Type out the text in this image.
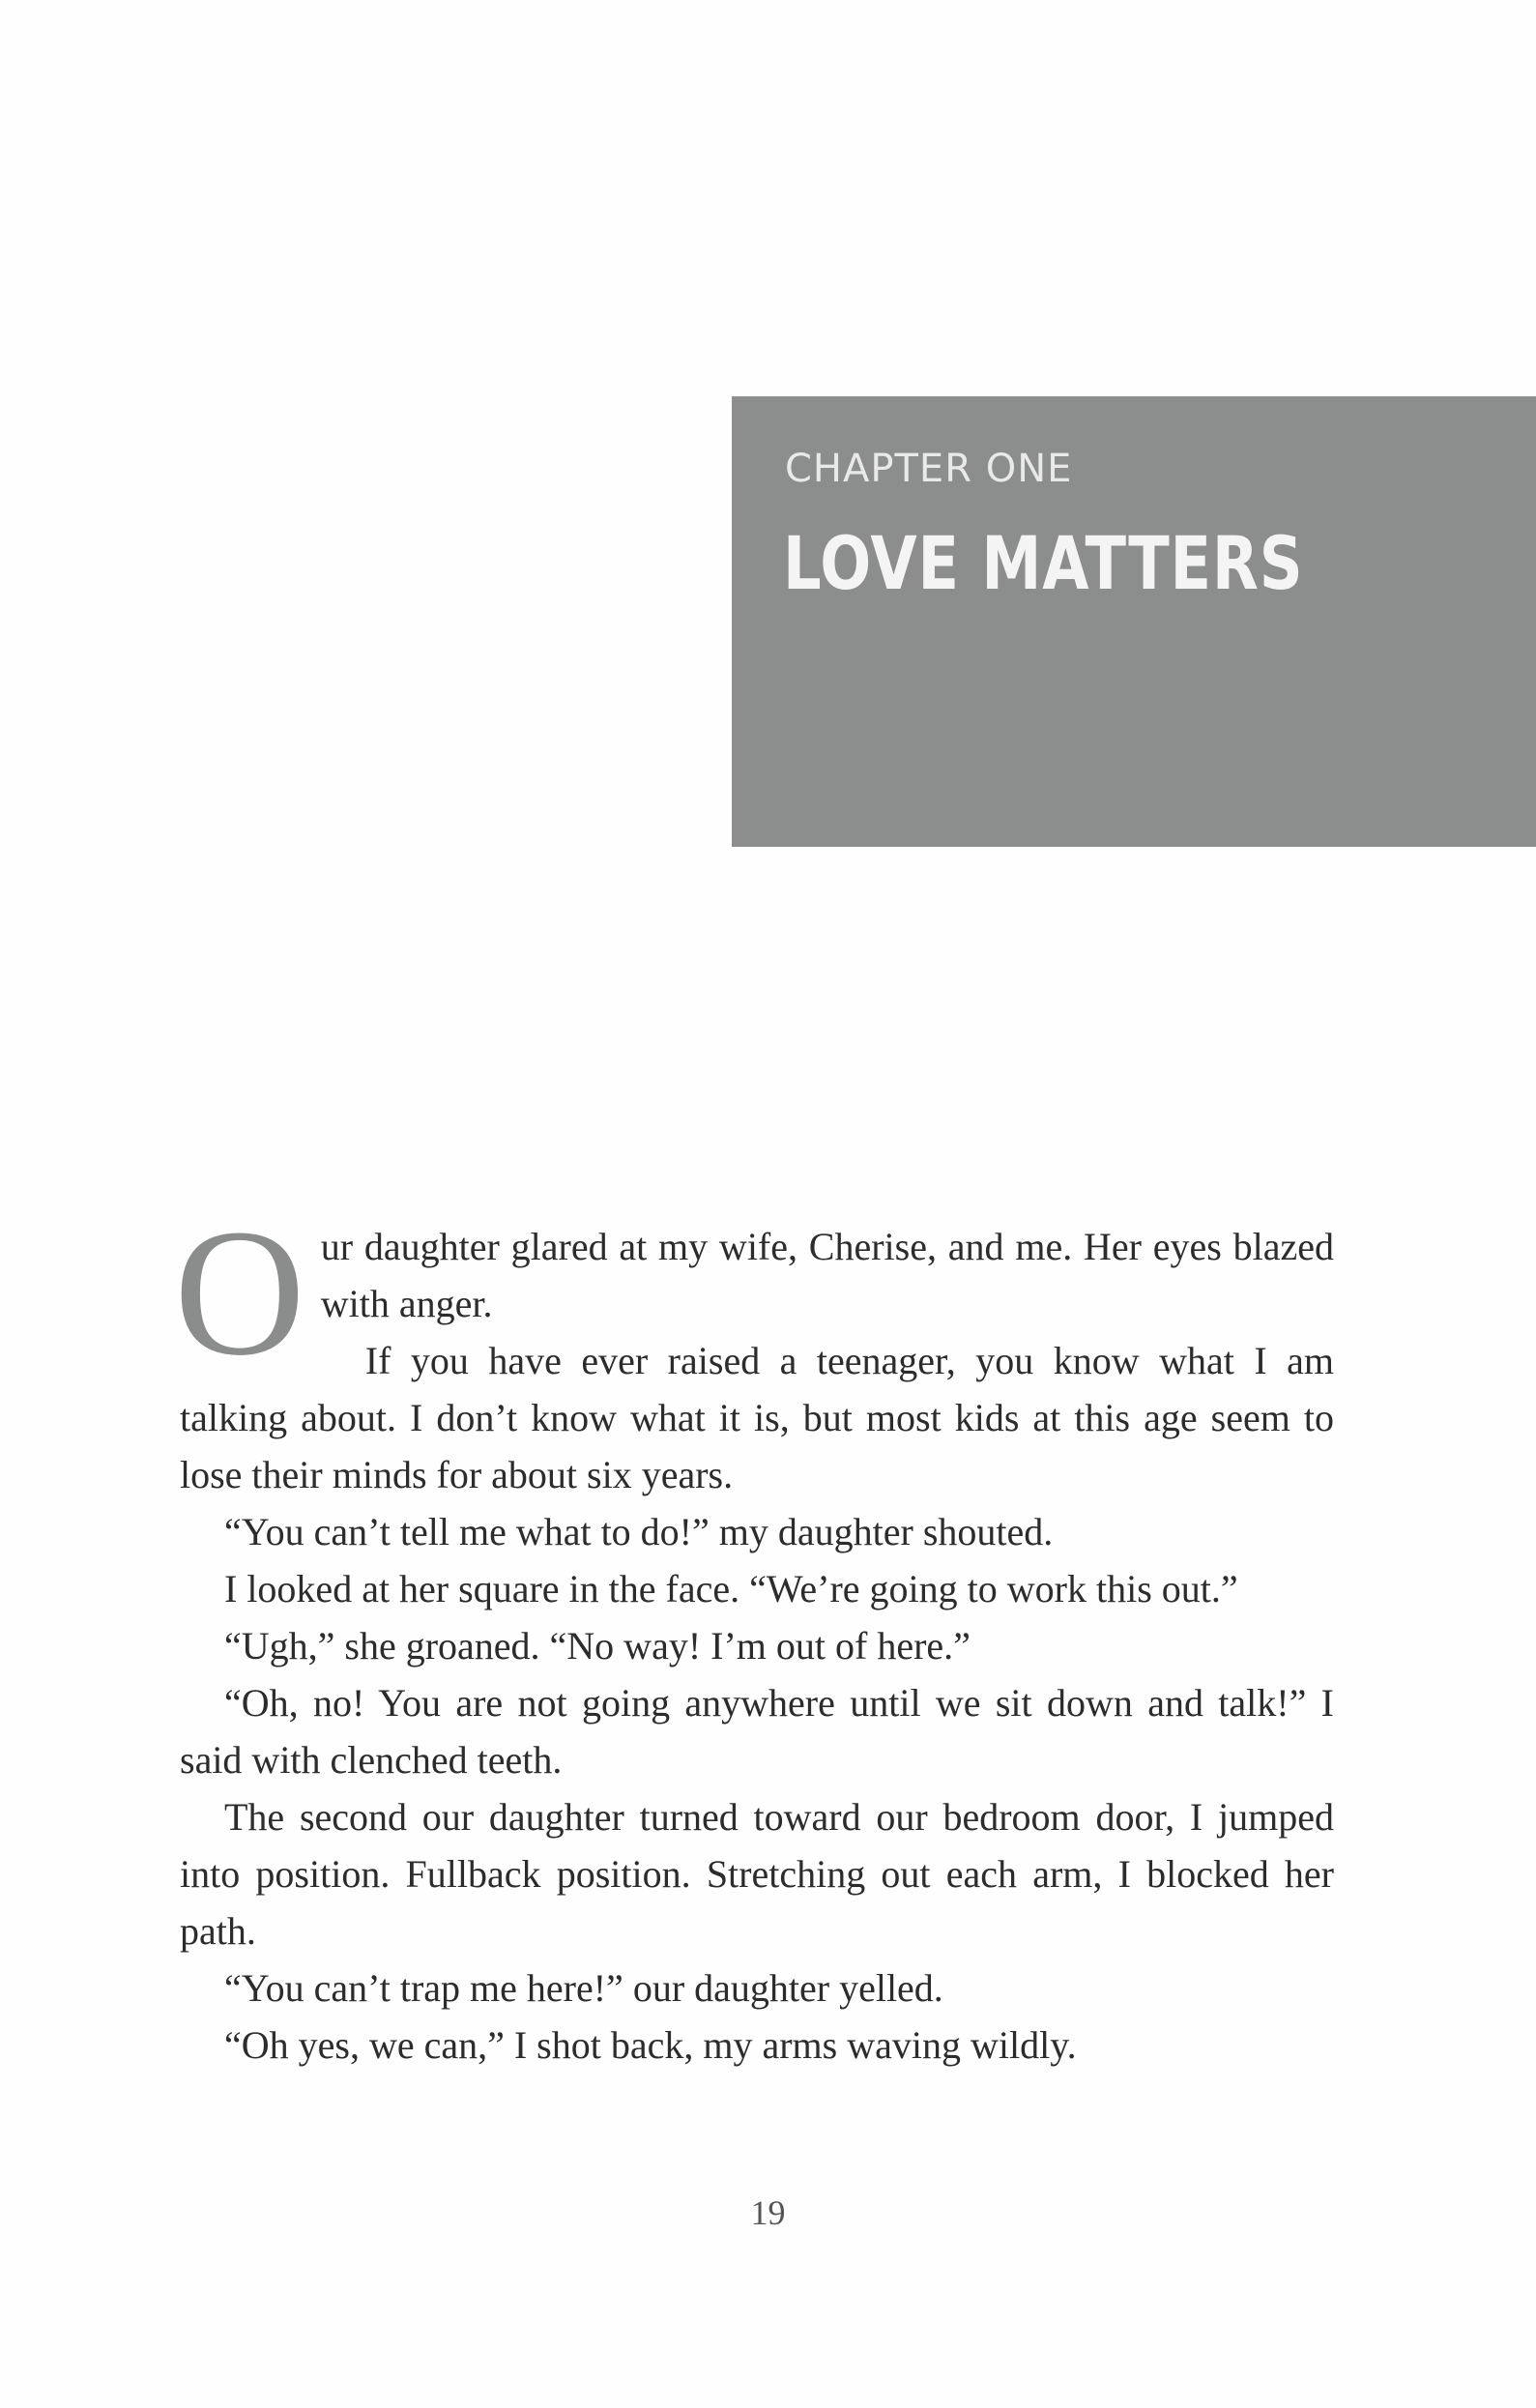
CHAPTER ONE
LOVE MATTERS

Our daughter glared at my wife, Cherise, and me. Her eyes blazed with anger.

If you have ever raised a teenager, you know what I am talking about. I don’t know what it is, but most kids at this age seem to lose their minds for about six years.

“You can’t tell me what to do!” my daughter shouted.

I looked at her square in the face. “We’re going to work this out.”

“Ugh,” she groaned. “No way! I’m out of here.”

“Oh, no! You are not going anywhere until we sit down and talk!” I said with clenched teeth.

The second our daughter turned toward our bedroom door, I jumped into position. Fullback position. Stretching out each arm, I blocked her path.

“You can’t trap me here!” our daughter yelled.

“Oh yes, we can,” I shot back, my arms waving wildly.

19
